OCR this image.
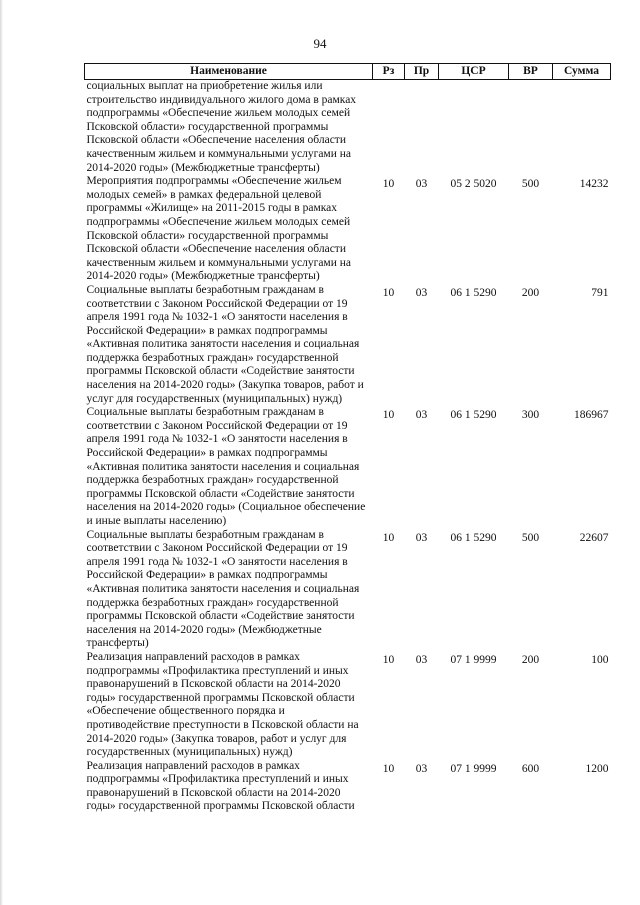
94
Наименование	Рз	Пр	ЦСР	ВР	Сумма
социальных выплат на приобретение жилья или строительство индивидуального жилого дома в рамках подпрограммы «Обеспечение жильем молодых семей Псковской области» государственной программы Псковской области «Обеспечение населения области качественным жильем и коммунальными услугами на 2014-2020 годы» (Межбюджетные трансферты)					
Мероприятия подпрограммы «Обеспечение жильем молодых семей» в рамках федеральной целевой программы «Жилище» на 2011-2015 годы в рамках подпрограммы «Обеспечение жильем молодых семей Псковской области» государственной программы Псковской области «Обеспечение населения области качественным жильем и коммунальными услугами на 2014-2020 годы» (Межбюджетные трансферты)	10	03	05 2 5020	500	14232
Социальные выплаты безработным гражданам в соответствии с Законом Российской Федерации от 19 апреля 1991 года № 1032-1 «О занятости населения в Российской Федерации» в рамках подпрограммы «Активная политика занятости населения и социальная поддержка безработных граждан» государственной программы Псковской области «Содействие занятости населения на 2014-2020 годы» (Закупка товаров, работ и услуг для государственных (муниципальных) нужд)	10	03	06 1 5290	200	791
Социальные выплаты безработным гражданам в соответствии с Законом Российской Федерации от 19 апреля 1991 года № 1032-1 «О занятости населения в Российской Федерации» в рамках подпрограммы «Активная политика занятости населения и социальная поддержка безработных граждан» государственной программы Псковской области «Содействие занятости населения на 2014-2020 годы» (Социальное обеспечение и иные выплаты населению)	10	03	06 1 5290	300	186967
Социальные выплаты безработным гражданам в соответствии с Законом Российской Федерации от 19 апреля 1991 года № 1032-1 «О занятости населения в Российской Федерации» в рамках подпрограммы «Активная политика занятости населения и социальная поддержка безработных граждан» государственной программы Псковской области «Содействие занятости населения на 2014-2020 годы» (Межбюджетные трансферты)	10	03	06 1 5290	500	22607
Реализация направлений расходов в рамках подпрограммы «Профилактика преступлений и иных правонарушений в Псковской области на 2014-2020 годы» государственной программы Псковской области «Обеспечение общественного порядка и противодействие преступности в Псковской области на 2014-2020 годы» (Закупка товаров, работ и услуг для государственных (муниципальных) нужд)	10	03	07 1 9999	200	100
Реализация направлений расходов в рамках подпрограммы «Профилактика преступлений и иных правонарушений в Псковской области на 2014-2020 годы» государственной программы Псковской области	10	03	07 1 9999	600	1200
